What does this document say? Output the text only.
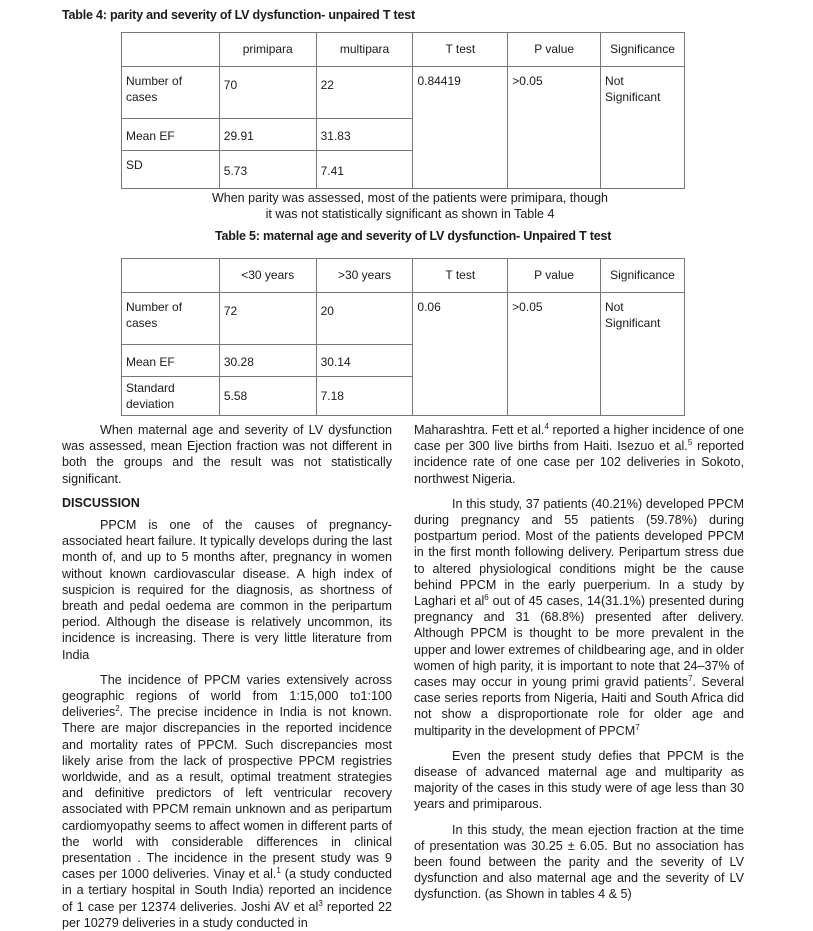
Table 4: parity and severity of LV dysfunction- unpaired T test
	primipara	multipara	T test	P value	Significance
Number of cases	70	22	0.84419	>0.05	Not Significant
Mean EF	29.91	31.83			
SD	5.73	7.41			
When parity was assessed, most of the patients were primipara, though
it was not statistically significant as shown in Table 4
Table 5: maternal age and severity of LV dysfunction- Unpaired T test
	<30 years	>30 years	T test	P value	Significance
Number of cases	72	20	0.06	>0.05	Not Significant
Mean EF	30.28	30.14			
Standard deviation	5.58	7.18			

When maternal age and severity of LV dysfunction was assessed, mean Ejection fraction was not different in both the groups and the result was not statistically significant.

DISCUSSION

PPCM is one of the causes of pregnancy-associated heart failure. It typically develops during the last month of, and up to 5 months after, pregnancy in women without known cardiovascular disease. A high index of suspicion is required for the diagnosis, as shortness of breath and pedal oedema are common in the peripartum period. Although the disease is relatively uncommon, its incidence is increasing. There is very little literature from India

The incidence of PPCM varies extensively across geographic regions of world from 1:15,000 to1:100 deliveries$^2$. The precise incidence in India is not known. There are major discrepancies in the reported incidence and mortality rates of PPCM. Such discrepancies most likely arise from the lack of prospective PPCM registries worldwide, and as a result, optimal treatment strategies and definitive predictors of left ventricular recovery associated with PPCM remain unknown and as peripartum cardiomyopathy seems to affect women in different parts of the world with considerable differences in clinical presentation . The incidence in the present study was 9 cases per 1000 deliveries. Vinay et al.$^1$ (a study conducted in a tertiary hospital in South India) reported an incidence of 1 case per 12374 deliveries. Joshi AV et $al^3$ reported 22 per 10279 deliveries in a study conducted in

Maharashtra. Fett et al.$^4$ reported a higher incidence of one case per 300 live births from Haiti. Isezuo et al.$^5$ reported incidence rate of one case per 102 deliveries in Sokoto, northwest Nigeria.

In this study, 37 patients (40.21%) developed PPCM during pregnancy and 55 patients (59.78%) during postpartum period. Most of the patients developed PPCM in the first month following delivery. Peripartum stress due to altered physiological conditions might be the cause behind PPCM in the early puerperium. In a study by Laghari et $al^6$ out of 45 cases, 14(31.1%) presented during pregnancy and 31 (68.8%) presented after delivery. Although PPCM is thought to be more prevalent in the upper and lower extremes of childbearing age, and in older women of high parity, it is important to note that 24–37% of cases may occur in young primi gravid patients$^7$. Several case series reports from Nigeria, Haiti and South Africa did not show a disproportionate role for older age and multiparity in the development of PPCM$^7$

Even the present study defies that PPCM is the disease of advanced maternal age and multiparity as majority of the cases in this study were of age less than 30 years and primiparous.

In this study, the mean ejection fraction at the time of presentation was 30.25 ± 6.05. But no association has been found between the parity and the severity of LV dysfunction and also maternal age and the severity of LV dysfunction. (as Shown in tables 4 & 5)
